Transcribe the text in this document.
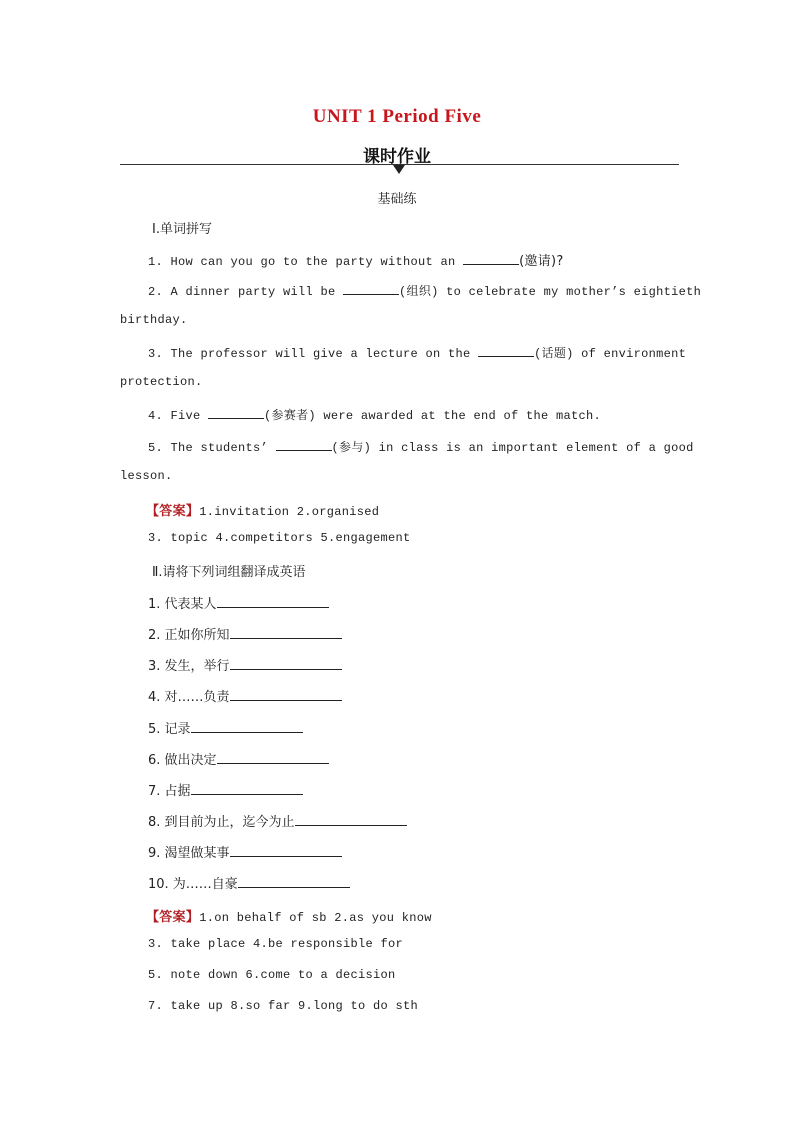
UNIT 1 Period Five
课时作业
基础练
Ⅰ.单词拼写
1. How can you go to the party without an	(邀请)?
2. A dinner party will be	(组织) to celebrate my mother’s eightieth
birthday.
3. The professor will give a lecture on the	(话题) of environment
protection.
4. Five	(参赛者) were awarded at the end of the match.
5. The students’	(参与) in class is an important element of a good
lesson.
【答案】1.invitation 2.organised
3. topic 4.competitors 5.engagement
Ⅱ.请将下列词组翻译成英语
1. 代表某人
2. 正如你所知
3. 发生，举行
4. 对……负责
5. 记录
6. 做出决定
7. 占据
8. 到目前为止，迄今为止
9. 渴望做某事
10. 为……自豪
【答案】1.on behalf of sb 2.as you know
3. take place 4.be responsible for
5. note down 6.come to a decision
7. take up 8.so far 9.long to do sth
